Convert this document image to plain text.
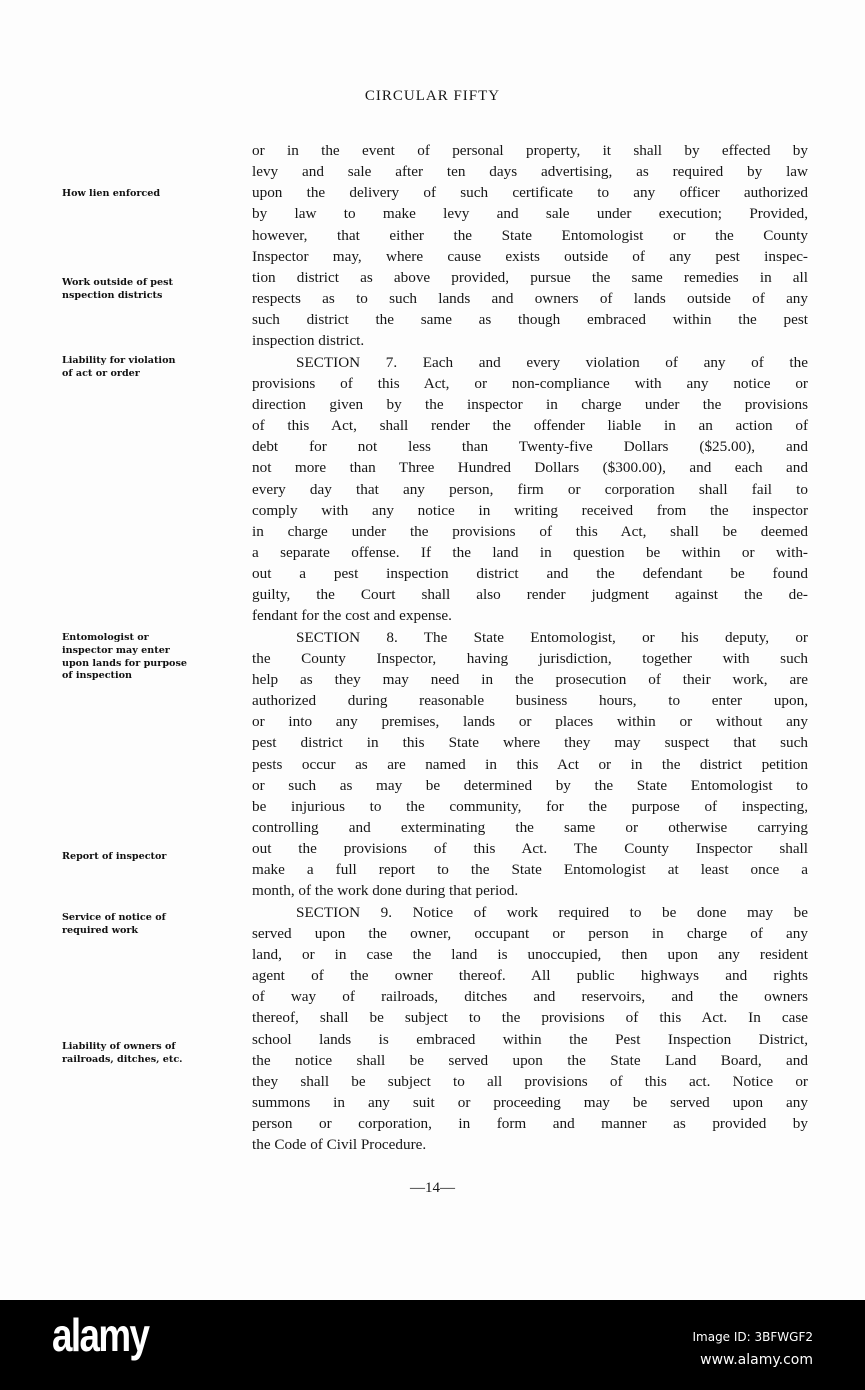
CIRCULAR FIFTY
or in the event of personal property, it shall by effected by
levy and sale after ten days advertising, as required by law
upon the delivery of such certificate to any officer authorized
by law to make levy and sale under execution; Provided,
however, that either the State Entomologist or the County
Inspector may, where cause exists outside of any pest inspec-
tion district as above provided, pursue the same remedies in all
respects as to such lands and owners of lands outside of any
such district the same as though embraced within the pest
inspection district.
SECTION 7. Each and every violation of any of the
provisions of this Act, or non-compliance with any notice or
direction given by the inspector in charge under the provisions
of this Act, shall render the offender liable in an action of
debt for not less than Twenty-five Dollars ($25.00), and
not more than Three Hundred Dollars ($300.00), and each and
every day that any person, firm or corporation shall fail to
comply with any notice in writing received from the inspector
in charge under the provisions of this Act, shall be deemed
a separate offense. If the land in question be within or with-
out a pest inspection district and the defendant be found
guilty, the Court shall also render judgment against the de-
fendant for the cost and expense.
SECTION 8. The State Entomologist, or his deputy, or
the County Inspector, having jurisdiction, together with such
help as they may need in the prosecution of their work, are
authorized during reasonable business hours, to enter upon,
or into any premises, lands or places within or without any
pest district in this State where they may suspect that such
pests occur as are named in this Act or in the district petition
or such as may be determined by the State Entomologist to
be injurious to the community, for the purpose of inspecting,
controlling and exterminating the same or otherwise carrying
out the provisions of this Act. The County Inspector shall
make a full report to the State Entomologist at least once a
month, of the work done during that period.
SECTION 9. Notice of work required to be done may be
served upon the owner, occupant or person in charge of any
land, or in case the land is unoccupied, then upon any resident
agent of the owner thereof. All public highways and rights
of way of railroads, ditches and reservoirs, and the owners
thereof, shall be subject to the provisions of this Act. In case
school lands is embraced within the Pest Inspection District,
the notice shall be served upon the State Land Board, and
they shall be subject to all provisions of this act. Notice or
summons in any suit or proceeding may be served upon any
person or corporation, in form and manner as provided by
the Code of Civil Procedure.
How lien enforced
Work outside of pest
nspection districts
Liability for violation
of act or order
Entomologist or
inspector may enter
upon lands for purpose
of inspection
Report of inspector
Service of notice of
required work
Liability of owners of
railroads, ditches, etc.
—14—
alamy	Image ID: 3BFWGF2
www.alamy.com
